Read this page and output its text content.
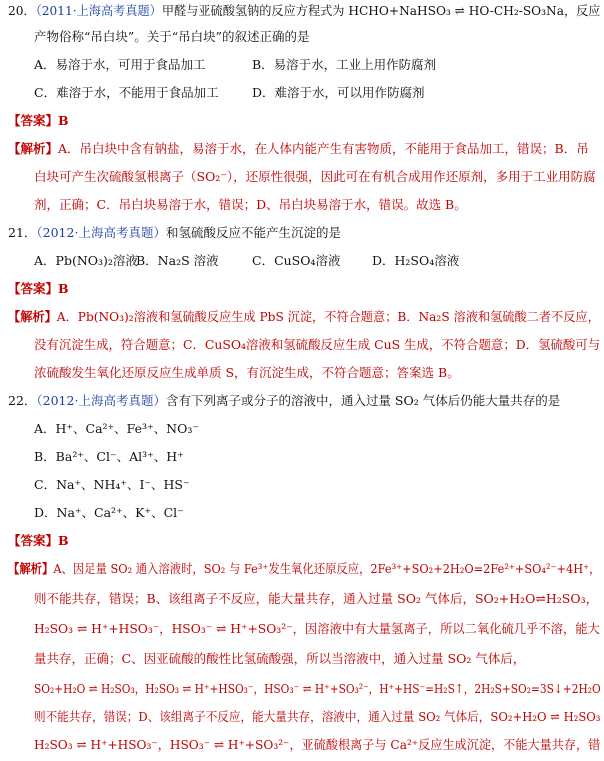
20．（2011·上海高考真题）甲醛与亚硫酸氢钠的反应方程式为 HCHO+NaHSO₃ ⇌ HO-CH₂-SO₃Na，反应
产物俗称“吊白块”。关于“吊白块”的叙述正确的是
A．易溶于水，可用于食品加工	B．易溶于水，工业上用作防腐剂
C．难溶于水，不能用于食品加工	D．难溶于水，可以用作防腐剂
【答案】B
【解析】A．吊白块中含有钠盐，易溶于水，在人体内能产生有害物质，不能用于食品加工，错误；B．吊
白块可产生次硫酸氢根离子（SO₂⁻），还原性很强，因此可在有机合成用作还原剂，多用于工业用防腐
剂，正确；C．吊白块易溶于水，错误；D、吊白块易溶于水，错误。故选 B。
21．（2012·上海高考真题）和氢硫酸反应不能产生沉淀的是
A．Pb(NO₃)₂溶液
B．Na₂S 溶液	C．CuSO₄溶液	D．H₂SO₄溶液
【答案】B
【解析】A．Pb(NO₃)₂溶液和氢硫酸反应生成 PbS 沉淀，不符合题意；B．Na₂S 溶液和氢硫酸二者不反应，
没有沉淀生成，符合题意；C．CuSO₄溶液和氢硫酸反应生成 CuS 生成，不符合题意；D．氢硫酸可与
浓硫酸发生氧化还原反应生成单质 S，有沉淀生成，不符合题意；答案选 B。
22．（2012·上海高考真题）含有下列离子或分子的溶液中，通入过量 SO₂ 气体后仍能大量共存的是
A．H⁺、Ca²⁺、Fe³⁺、NO₃⁻
B．Ba²⁺、Cl⁻、Al³⁺、H⁺
C．Na⁺、NH₄⁺、I⁻、HS⁻
D．Na⁺、Ca²⁺、K⁺、Cl⁻
【答案】B
【解析】A、因足量 SO₂ 通入溶液时，SO₂ 与 Fe³⁺发生氧化还原反应，2Fe³⁺+SO₂+2H₂O=2Fe²⁺+SO₄²⁻+4H⁺，
则不能共存，错误；B、该组离子不反应，能大量共存，通入过量 SO₂ 气体后，SO₂+H₂O⇌H₂SO₃，
H₂SO₃ ⇌ H⁺+HSO₃⁻，HSO₃⁻ ⇌ H⁺+SO₃²⁻，因溶液中有大量氢离子，所以二氧化硫几乎不溶，能大
量共存，正确；C、因亚硫酸的酸性比氢硫酸强，所以当溶液中，通入过量 SO₂ 气体后，
SO₂+H₂O ⇌ H₂SO₃，H₂SO₃ ⇌ H⁺+HSO₃⁻，HSO₃⁻ ⇌ H⁺+SO₃²⁻，H⁺+HS⁻=H₂S↑，2H₂S+SO₂=3S↓+2H₂O
则不能共存，错误；D、该组离子不反应，能大量共存，溶液中，通入过量 SO₂ 气体后，SO₂+H₂O ⇌ H₂SO₃
H₂SO₃ ⇌ H⁺+HSO₃⁻，HSO₃⁻ ⇌ H⁺+SO₃²⁻，亚硫酸根离子与 Ca²⁺反应生成沉淀，不能大量共存，错
